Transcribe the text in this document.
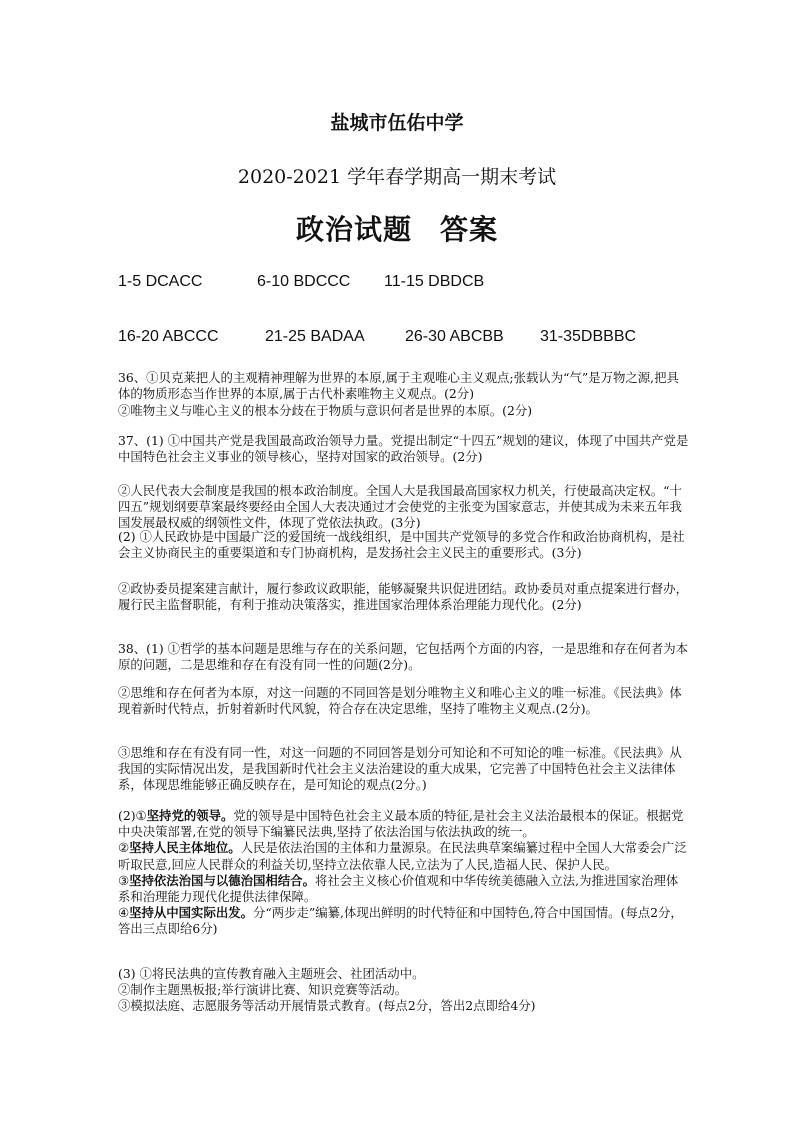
盐城市伍佑中学
2020-2021 学年春学期高一期末考试
政治试题 答案
1-5 DCACC	6-10 BDCCC 11-15 DBDCB
16-20 ABCCC	21-25 BADAA	26-30 ABCBB 31-35DBBBC
36、①贝克莱把人的主观精神理解为世界的本原,属于主观唯心主义观点;张载认为“气”是万物之源,把具体的物质形态当作世界的本原,属于古代朴素唯物主义观点。(2分)
②唯物主义与唯心主义的根本分歧在于物质与意识何者是世界的本原。(2分)
37、(1) ①中国共产党是我国最高政治领导力量。党提出制定“十四五”规划的建议，体现了中国共产党是中国特色社会主义事业的领导核心，坚持对国家的政治领导。(2分)
②人民代表大会制度是我国的根本政治制度。全国人大是我国最高国家权力机关，行使最高决定权。“十四五”规划纲要草案最终要经由全国人大表决通过才会使党的主张变为国家意志，并使其成为未来五年我国发展最权威的纲领性文件，体现了党依法执政。(3分)
(2) ①人民政协是中国最广泛的爱国统一战线组织，是中国共产党领导的多党合作和政治协商机构，是社会主义协商民主的重要渠道和专门协商机构，是发扬社会主义民主的重要形式。(3分)
②政协委员提案建言献计，履行参政议政职能，能够凝聚共识促进团结。政协委员对重点提案进行督办，履行民主监督职能，有利于推动决策落实，推进国家治理体系治理能力现代化。(2分)
38、(1) ①哲学的基本问题是思维与存在的关系问题，它包括两个方面的内容，一是思维和存在何者为本原的问题，二是思维和存在有没有同一性的问题(2分)。
②思维和存在何者为本原，对这一问题的不同回答是划分唯物主义和唯心主义的唯一标准。《民法典》体现着新时代特点，折射着新时代风貌，符合存在决定思维，坚持了唯物主义观点.(2分)。
③思维和存在有没有同一性，对这一问题的不同回答是划分可知论和不可知论的唯一标准。《民法典》从我国的实际情况出发，是我国新时代社会主义法治建设的重大成果，它完善了中国特色社会主义法律体系，体现思维能够正确反映存在，是可知论的观点(2分。)
(2)①坚持党的领导。党的领导是中国特色社会主义最本质的特征,是社会主义法治最根本的保证。根据党中央决策部署,在党的领导下编纂民法典,坚持了依法治国与依法执政的统一。
②坚持人民主体地位。人民是依法治国的主体和力量源泉。在民法典草案编纂过程中全国人大常委会广泛听取民意,回应人民群众的利益关切,坚持立法依靠人民,立法为了人民,造福人民、保护人民。
③坚持依法治国与以德治国相结合。将社会主义核心价值观和中华传统美德融入立法,为推进国家治理体系和治理能力现代化提供法律保障。
④坚持从中国实际出发。分“两步走”编纂,体现出鲜明的时代特征和中国特色,符合中国国情。(每点2分，答出三点即给6分)
(3) ①将民法典的宣传教育融入主题班会、社团活动中。
②制作主题黑板报;举行演讲比赛、知识竞赛等活动。
③模拟法庭、志愿服务等活动开展情景式教育。(每点2分，答出2点即给4分)
